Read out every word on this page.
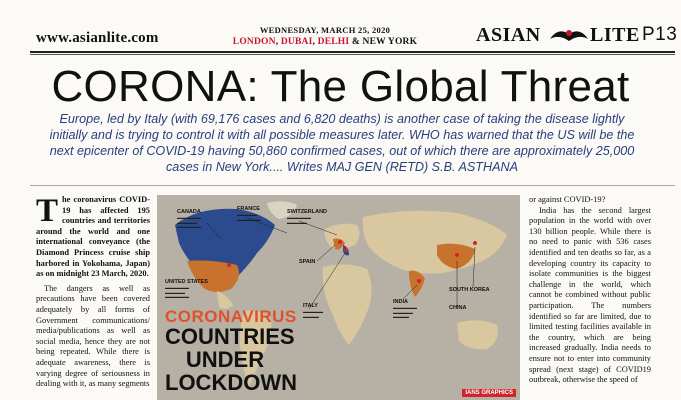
www.asianlite.com	WEDNESDAY, MARCH 25, 2020
LONDON, DUBAI, DELHI & NEW YORK	ASIAN LITE P13
CORONA: The Global Threat
Europe, led by Italy (with 69,176 cases and 6,820 deaths) is another case of taking the disease lightly initially and is trying to control it with all possible measures later. WHO has warned that the US will be the next epicenter of COVID-19 having 50,860 confirmed cases, out of which there are approximately 25,000 cases in New York.... Writes MAJ GEN (RETD) S.B. ASTHANA

The coronavirus COVID-19 has affected 195 countries and territories around the world and one international conveyance (the Diamond Princess cruise ship harbored in Yokohama, Japan) as on midnight 23 March, 2020.

The dangers as well as precautions have been covered adequately by all forms of Government communications/ media/publications as well as social media, hence they are not being repeated. While there is adequate awareness, there is varying degree of seriousness in dealing with it, as many segments

CANADA
▬▬▬▬▬▬
▬▬▬▬▬
▬▬▬▬▬▬
FRANCE
▬▬▬▬▬
▬▬▬▬▬▬
SWITZERLAND
▬▬▬▬▬▬
▬▬▬▬▬
UNITED STATES
▬▬▬▬▬▬
▬▬▬▬▬
▬▬▬▬▬▬
SPAIN
ITALY
▬▬▬▬▬
▬▬▬▬
SOUTH KOREA
CHINA
INDIA
▬▬▬▬▬▬
▬▬▬▬▬
▬▬▬▬
CORONAVIRUS
COUNTRIES
UNDER
LOCKDOWN	IANS GRAPHICS

or against COVID-19?

India has the second largest population in the world with over 130 billion people. While there is no need to panic with 536 cases identified and ten deaths so far, as a developing country its capacity to isolate communities is the biggest challenge in the world, which cannot be combined without public participation. The numbers identified so far are limited, due to limited testing facilities available in the country, which are being increased gradually. India needs to ensure not to enter into community spread (next stage) of COVID19 outbreak, otherwise the speed of
